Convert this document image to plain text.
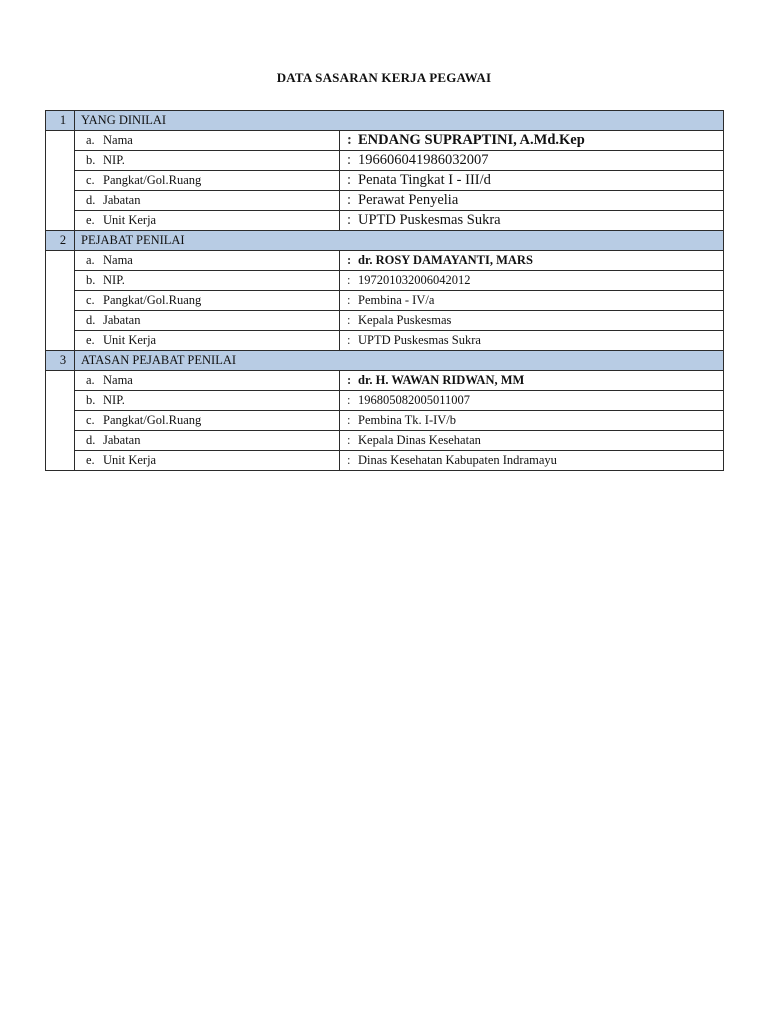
DATA SASARAN KERJA PEGAWAI
1	YANG DINILAI	
	a. Nama	: ENDANG SUPRAPTINI, A.Md.Kep
	b. NIP.	: 196606041986032007
	c. Pangkat/Gol.Ruang	: Penata Tingkat I - III/d
	d. Jabatan	: Perawat Penyelia
	e. Unit Kerja	: UPTD Puskesmas Sukra
2	PEJABAT PENILAI	
	a. Nama	: dr. ROSY DAMAYANTI, MARS
	b. NIP.	: 197201032006042012
	c. Pangkat/Gol.Ruang	: Pembina - IV/a
	d. Jabatan	: Kepala Puskesmas
	e. Unit Kerja	: UPTD Puskesmas Sukra
3	ATASAN PEJABAT PENILAI	
	a. Nama	: dr. H. WAWAN RIDWAN, MM
	b. NIP.	: 196805082005011007
	c. Pangkat/Gol.Ruang	: Pembina Tk. I-IV/b
	d. Jabatan	: Kepala Dinas Kesehatan
	e. Unit Kerja	: Dinas Kesehatan Kabupaten Indramayu
